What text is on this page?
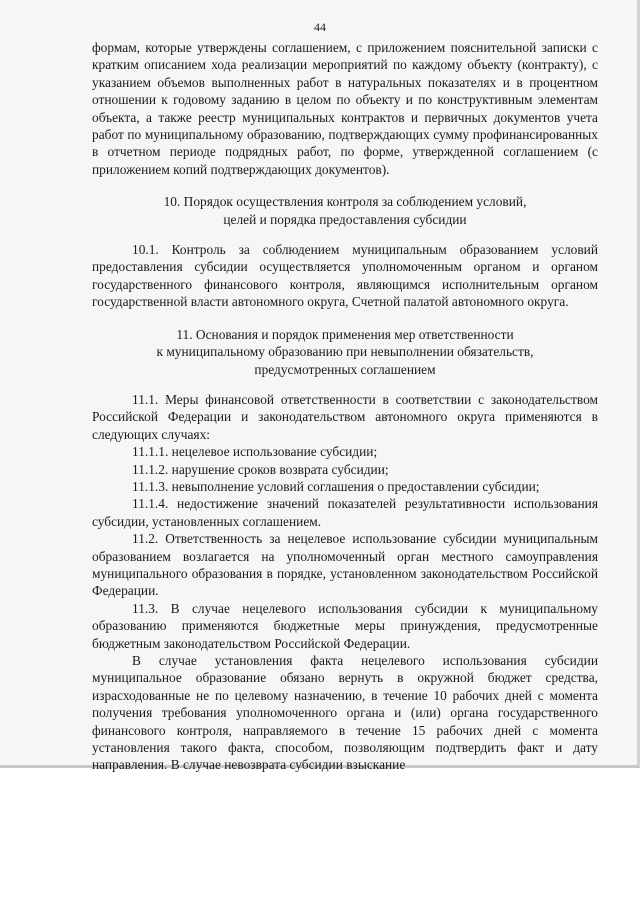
44

формам, которые утверждены соглашением, с приложением пояснительной записки с кратким описанием хода реализации мероприятий по каждому объекту (контракту), с указанием объемов выполненных работ в натуральных показателях и в процентном отношении к годовому заданию в целом по объекту и по конструктивным элементам объекта, а также реестр муниципальных контрактов и первичных документов учета работ по муниципальному образованию, подтверждающих сумму профинансированных в отчетном периоде подрядных работ, по форме, утвержденной соглашением (с приложением копий подтверждающих документов).

10. Порядок осуществления контроля за соблюдением условий,
целей и порядка предоставления субсидии

10.1. Контроль за соблюдением муниципальным образованием условий предоставления субсидии осуществляется уполномоченным органом и органом государственного финансового контроля, являющимся исполнительным органом государственной власти автономного округа, Счетной палатой автономного округа.

11. Основания и порядок применения мер ответственности
к муниципальному образованию при невыполнении обязательств,
предусмотренных соглашением

11.1. Меры финансовой ответственности в соответствии с законодательством Российской Федерации и законодательством автономного округа применяются в следующих случаях:

11.1.1. нецелевое использование субсидии;

11.1.2. нарушение сроков возврата субсидии;

11.1.3. невыполнение условий соглашения о предоставлении субсидии;

11.1.4. недостижение значений показателей результативности использования субсидии, установленных соглашением.

11.2. Ответственность за нецелевое использование субсидии муниципальным образованием возлагается на уполномоченный орган местного самоуправления муниципального образования в порядке, установленном законодательством Российской Федерации.

11.3. В случае нецелевого использования субсидии к муниципальному образованию применяются бюджетные меры принуждения, предусмотренные бюджетным законодательством Российской Федерации.

В случае установления факта нецелевого использования субсидии муниципальное образование обязано вернуть в окружной бюджет средства, израсходованные не по целевому назначению, в течение 10 рабочих дней с момента получения требования уполномоченного органа и (или) органа государственного финансового контроля, направляемого в течение 15 рабочих дней с момента установления такого факта, способом, позволяющим подтвердить факт и дату направления. В случае невозврата субсидии взыскание
